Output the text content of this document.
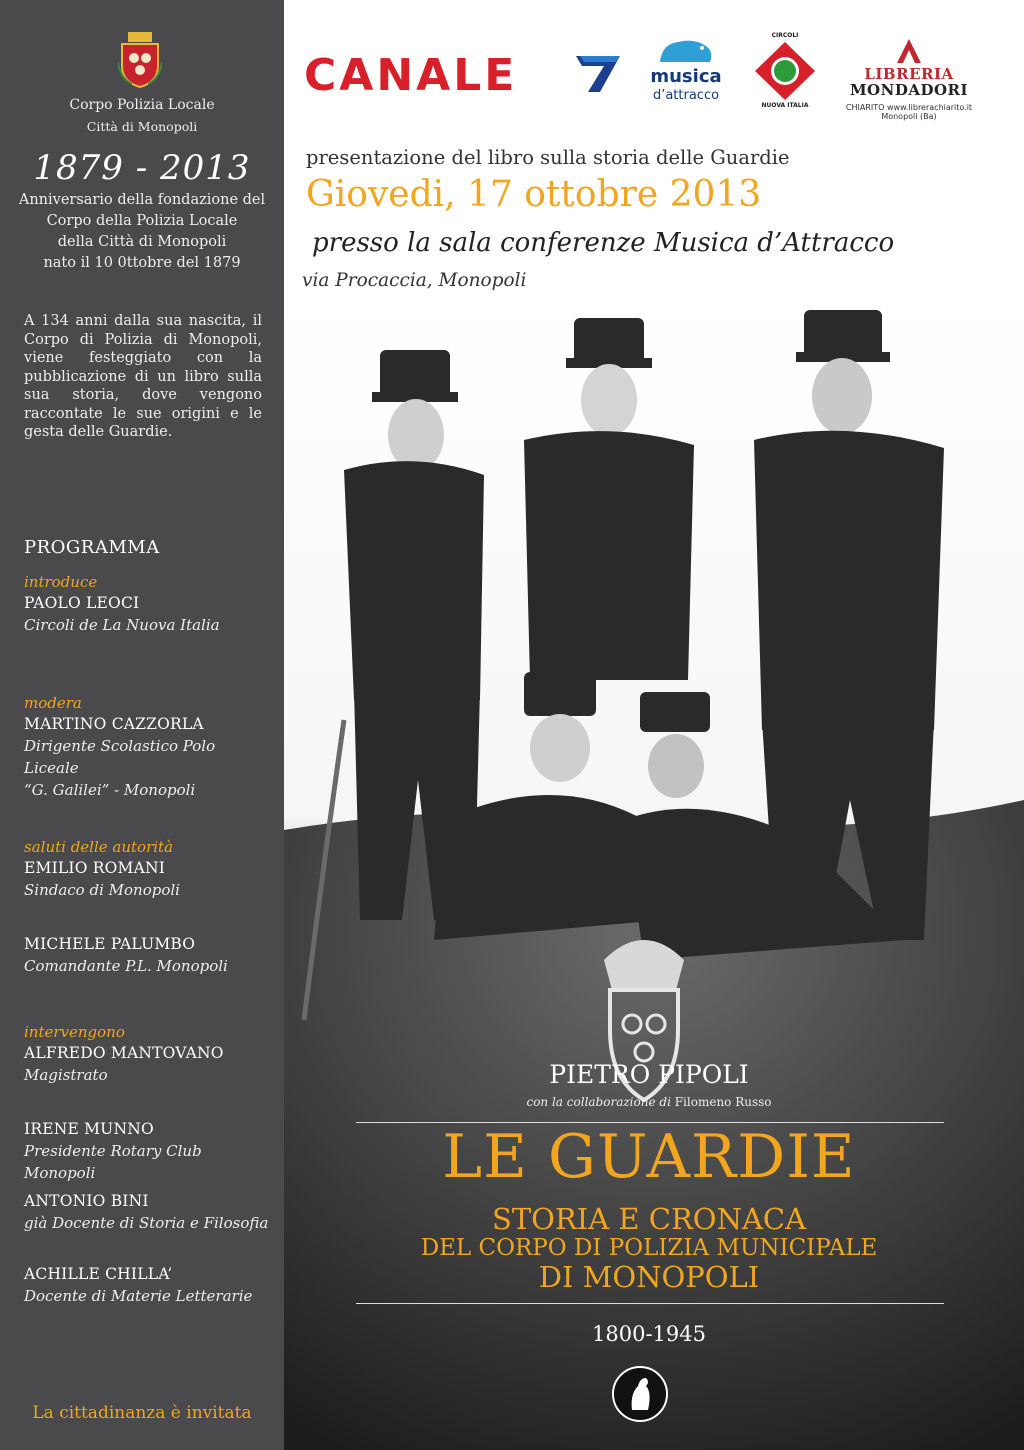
Corpo Polizia Locale
Città di Monopoli
1879 - 2013
Anniversario della fondazione del
Corpo della Polizia Locale
della Città di Monopoli
nato il 10 0ttobre del 1879
A 134 anni dalla sua nascita, il Corpo di Polizia di Monopoli, viene festeggiato con la pubblicazione di un libro sulla sua storia, dove vengono raccontate le sue origini e le gesta delle Guardie.
PROGRAMMA
introduce
PAOLO LEOCI
Circoli de La Nuova Italia
modera
MARTINO CAZZORLA
Dirigente Scolastico Polo Liceale
“G. Galilei” - Monopoli
saluti delle autorità
EMILIO ROMANI
Sindaco di Monopoli
MICHELE PALUMBO
Comandante P.L. Monopoli
intervengono
ALFREDO MANTOVANO
Magistrato
IRENE MUNNO
Presidente Rotary Club Monopoli
ANTONIO BINI
già Docente di Storia e Filosofia
ACHILLE CHILLA’
Docente di Materie Letterarie
La cittadinanza è invitata
CANALE	musica
d’attracco
CIRCOLI
NUOVA ITALIA
LIBRERIA
MONDADORI
CHIARITO www.librerachiarito.it Monopoli (Ba)
presentazione del libro sulla storia delle Guardie
Giovedi, 17 ottobre 2013
presso la sala conferenze Musica d’Attracco
via Procaccia, Monopoli
PIETRO PIPOLI
con la collaborazione di Filomeno Russo
LE GUARDIE
STORIA E CRONACA
DEL CORPO DI POLIZIA MUNICIPALE
DI MONOPOLI
1800-1945
